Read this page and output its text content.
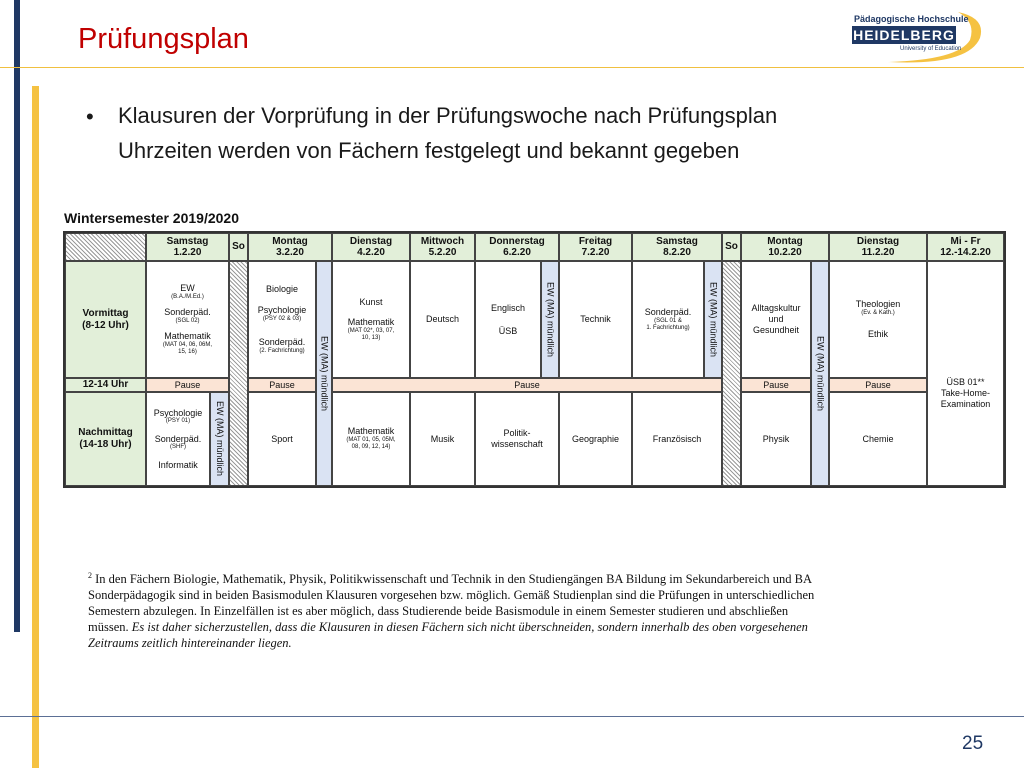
Prüfungsplan
Pädagogische Hochschule
HEIDELBERG
University of Education
• Klausuren der Vorprüfung in der Prüfungswoche nach Prüfungsplan
Uhrzeiten werden von Fächern festgelegt und bekannt gegeben
Wintersemester 2019/2020
Samstag
1.2.20
So
Montag
3.2.20
Dienstag
4.2.20
Mittwoch
5.2.20
Donnerstag
6.2.20
Freitag
7.2.20
Samstag
8.2.20
So
Montag
10.2.20
Dienstag
11.2.20
Mi - Fr
12.-14.2.20
Vormittag
(8-12 Uhr)
12-14 Uhr
Nachmittag
(14-18 Uhr)
EW
(B.A./M.Ed.)
Sonderpäd.
(SGL 02)
Mathematik
(MAT 04, 06, 06M,
15, 16)
Pause
Psychologie
(PSY 01)
Sonderpäd.
(SHF)
Informatik EW (MA) mündlich
Biologie
Psychologie
(PSY 02 & 03)
Sonderpäd.
(2. Fachrichtung)
Pause
Sport
EW (MA) mündlich
Kunst
Mathematik
(MAT 02*, 03, 07,
10, 13)
Mathematik
(MAT 01, 05, 05M,
08, 09, 12, 14)
Deutsch
Musik
Englisch
ÜSB	EW (MA) mündlich
Politik-
wissenschaft
Technik
Geographie
Sonderpäd.
(SGL 01 &
1. Fachrichtung) EW (MA) mündlich
Französisch
Pause
Alltagskultur
und
Gesundheit
Pause
Physik
EW (MA) mündlich
Theologien
(Ev. & Kath.)
Ethik
Pause
Chemie
ÜSB 01**
Take-Home-
Examination
$^2$ In den Fächern Biologie, Mathematik, Physik, Politikwissenschaft und Technik in den Studiengängen BA Bildung im Sekundarbereich und BA
Sonderpädagogik sind in beiden Basismodulen Klausuren vorgesehen bzw. möglich. Gemäß Studienplan sind die Prüfungen in unterschiedlichen
Semestern abzulegen. In Einzelfällen ist es aber möglich, dass Studierende beide Basismodule in einem Semester studieren und abschließen
müssen. Es ist daher sicherzustellen, dass die Klausuren in diesen Fächern sich nicht überschneiden, sondern innerhalb des oben vorgesehenen
Zeitraums zeitlich hintereinander liegen.
25
